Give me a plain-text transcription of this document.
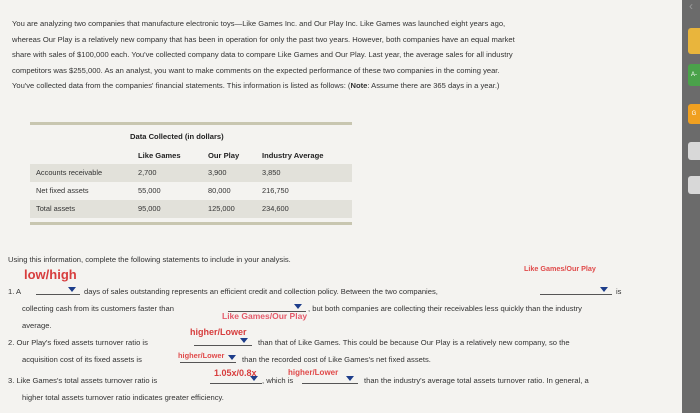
You are analyzing two companies that manufacture electronic toys—Like Games Inc. and Our Play Inc. Like Games was launched eight years ago,
whereas Our Play is a relatively new company that has been in operation for only the past two years. However, both companies have an equal market
share with sales of $100,000 each. You've collected company data to compare Like Games and Our Play. Last year, the average sales for all industry
competitors was $255,000. As an analyst, you want to make comments on the expected performance of these two companies in the coming year.
You've collected data from the companies' financial statements. This information is listed as follows: (Note: Assume there are 365 days in a year.)
Data Collected (in dollars)
Like Games	Our Play	Industry Average
Accounts receivable	2,700	3,900	3,850
Net fixed assets	55,000	80,000	216,750
Total assets	95,000	125,000	234,600
Using this information, complete the following statements to include in your analysis.
low/high	Like Games/Our Play
1. A	days of sales outstanding represents an efficient credit and collection policy. Between the two companies,	is
collecting cash from its customers faster than
Like Games/Our Play
, but both companies are collecting their receivables less quickly than the industry
average.
higher/Lower
2. Our Play's fixed assets turnover ratio is	than that of Like Games. This could be because Our Play is a relatively new company, so the
acquisition cost of its fixed assets is	higher/Lower than the recorded cost of Like Games's net fixed assets.
1.05x/0.8x	higher/Lower
3. Like Games's total assets turnover ratio is	, which is	than the industry's average total assets turnover ratio. In general, a
higher total assets turnover ratio indicates greater efficiency.
‹
A-
G
